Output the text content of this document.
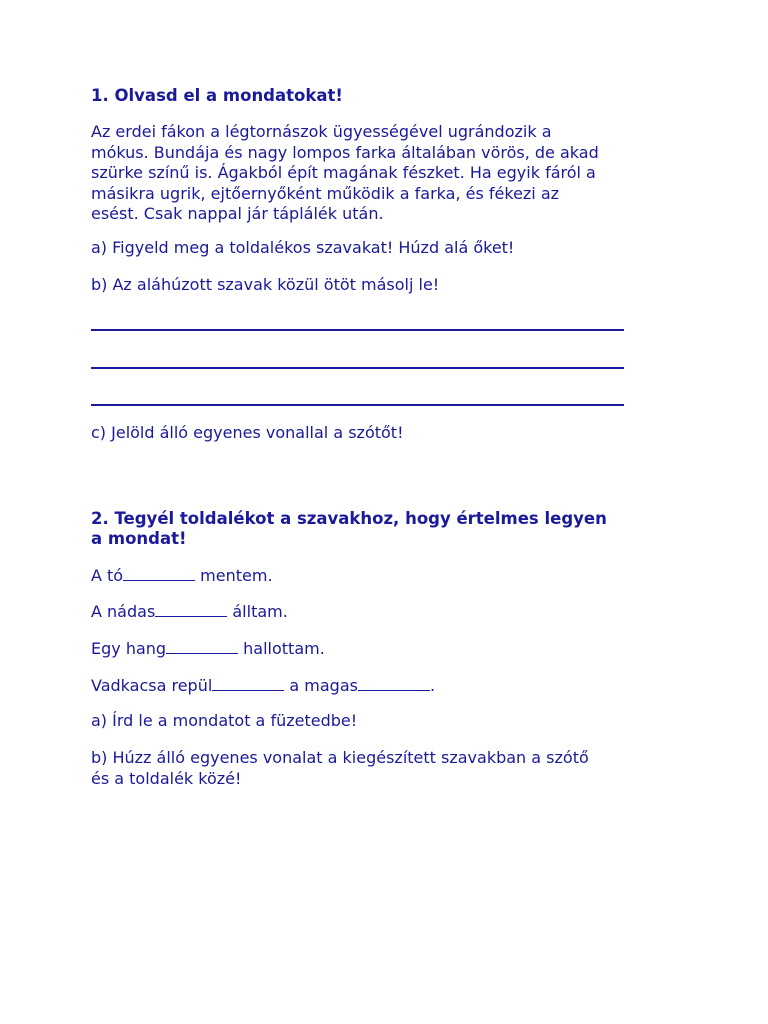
1. Olvasd el a mondatokat!
Az erdei fákon a légtornászok ügyességével ugrándozik a
mókus. Bundája és nagy lompos farka általában vörös, de akad
szürke színű is. Ágakból épít magának fészket. Ha egyik fáról a
másikra ugrik, ejtőernyőként működik a farka, és fékezi az
esést. Csak nappal jár táplálék után.
a) Figyeld meg a toldalékos szavakat! Húzd alá őket!
b) Az aláhúzott szavak közül ötöt másolj le!
c) Jelöld álló egyenes vonallal a szótőt!
2. Tegyél toldalékot a szavakhoz, hogy értelmes legyen
a mondat!
A tó	mentem.
A nádas	álltam.
Egy hang	hallottam.
Vadkacsa repül	a magas	.
a) Írd le a mondatot a füzetedbe!
b) Húzz álló egyenes vonalat a kiegészített szavakban a szótő
és a toldalék közé!
